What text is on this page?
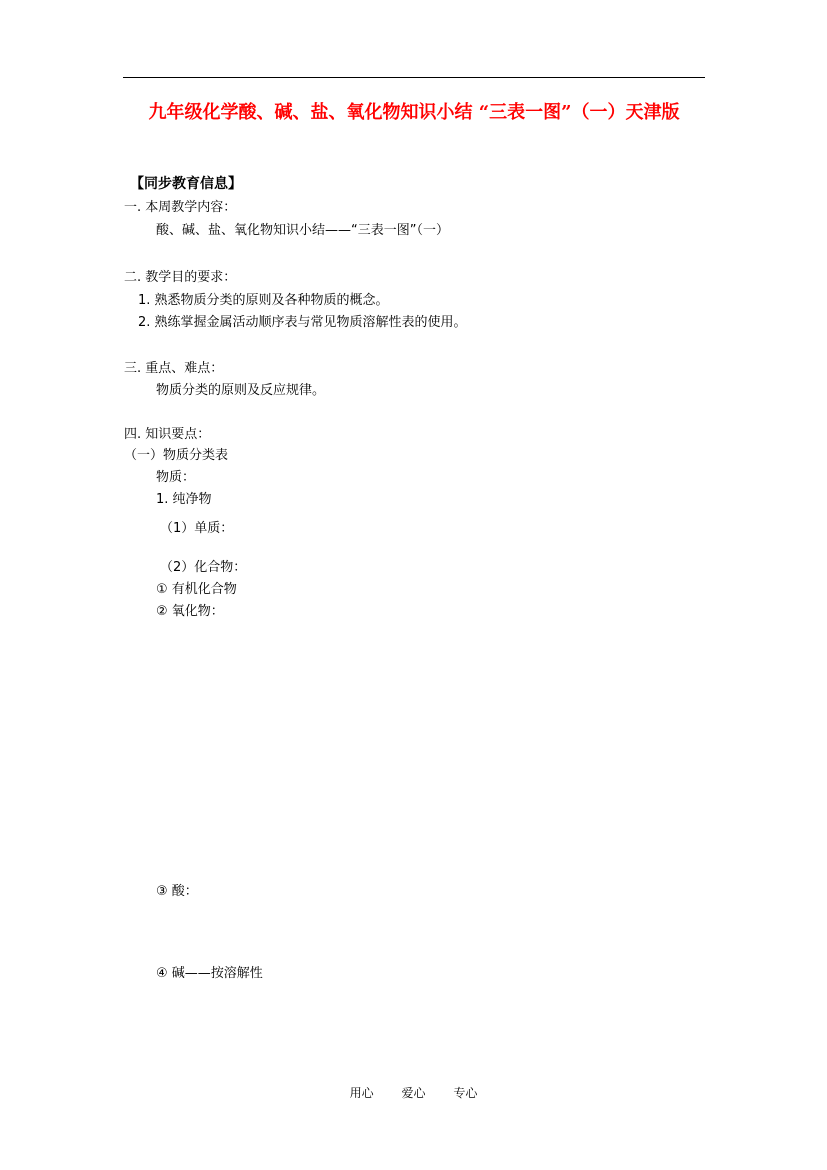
九年级化学酸、碱、盐、氧化物知识小结 “三表一图”（一）天津版
【同步教育信息】
一. 本周教学内容：
酸、碱、盐、氧化物知识小结——“三表一图”（一）
二. 教学目的要求：
1. 熟悉物质分类的原则及各种物质的概念。
2. 熟练掌握金属活动顺序表与常见物质溶解性表的使用。
三. 重点、难点：
物质分类的原则及反应规律。
四. 知识要点：
（一）物质分类表
物质：
1. 纯净物
（1）单质：
（2）化合物：
① 有机化合物
② 氧化物：
③ 酸：
④ 碱——按溶解性
用心 爱心 专心
